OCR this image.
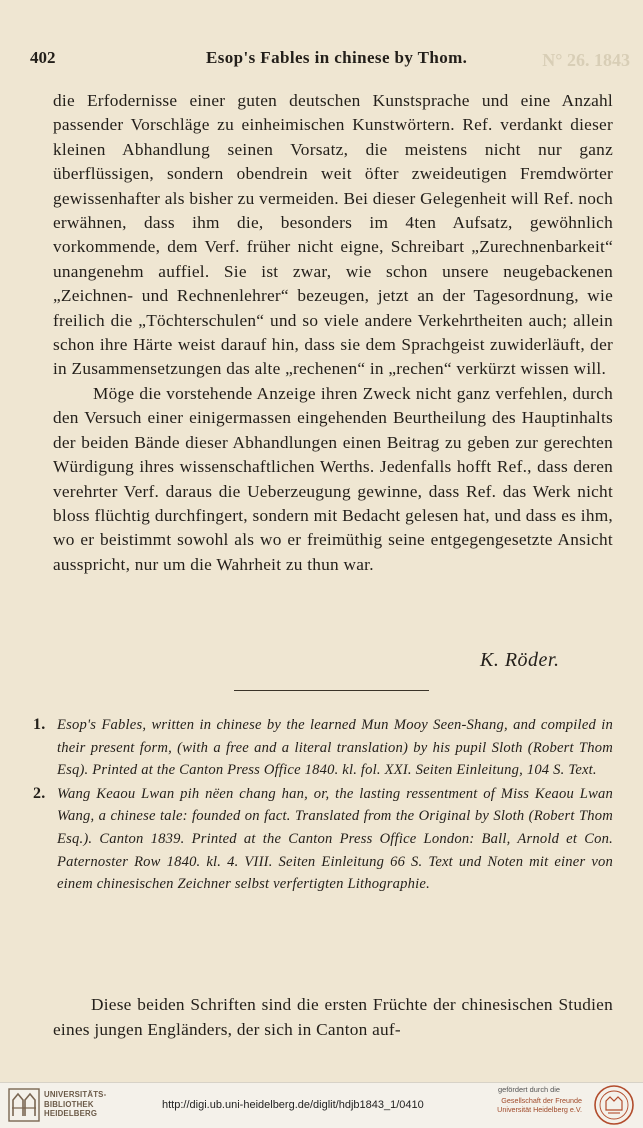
402	Esop's Fables in chinese by Thom.	N° 26. 1843

die Erfodernisse einer guten deutschen Kunstsprache und eine Anzahl passender Vorschläge zu einheimischen Kunstwörtern. Ref. verdankt dieser kleinen Abhandlung seinen Vorsatz, die meistens nicht nur ganz überflüssigen, sondern obendrein weit öfter zweideutigen Fremdwörter gewissenhafter als bisher zu vermeiden. Bei dieser Gelegenheit will Ref. noch erwähnen, dass ihm die, besonders im 4ten Aufsatz, gewöhnlich vorkommende, dem Verf. früher nicht eigne, Schreibart „Zurechnenbarkeit“ unangenehm auffiel. Sie ist zwar, wie schon unsere neugebackenen „Zeichnen- und Rechnenlehrer“ bezeugen, jetzt an der Tagesordnung, wie freilich die „Töchterschulen“ und so viele andere Verkehrtheiten auch; allein schon ihre Härte weist darauf hin, dass sie dem Sprachgeist zuwiderläuft, der in Zusammensetzungen das alte „rechenen“ in „rechen“ verkürzt wissen will.

Möge die vorstehende Anzeige ihren Zweck nicht ganz verfehlen, durch den Versuch einer einigermassen eingehenden Beurtheilung des Hauptinhalts der beiden Bände dieser Abhandlungen einen Beitrag zu geben zur gerechten Würdigung ihres wissenschaftlichen Werths. Jedenfalls hofft Ref., dass deren verehrter Verf. daraus die Ueberzeugung gewinne, dass Ref. das Werk nicht bloss flüchtig durchfingert, sondern mit Bedacht gelesen hat, und dass es ihm, wo er beistimmt sowohl als wo er freimüthig seine entgegengesetzte Ansicht ausspricht, nur um die Wahrheit zu thun war.

K. Röder.
1. Esop's Fables, written in chinese by the learned Mun Mooy Seen-Shang, and compiled in their present form, (with a free and a literal translation) by his pupil Sloth (Robert Thom Esq). Printed at the Canton Press Office 1840. kl. fol. XXI. Seiten Einleitung, 104 S. Text.
2. Wang Keaou Lwan pih nëen chang han, or, the lasting ressentment of Miss Keaou Lwan Wang, a chinese tale: founded on fact. Translated from the Original by Sloth (Robert Thom Esq.). Canton 1839. Printed at the Canton Press Office London: Ball, Arnold et Con. Paternoster Row 1840. kl. 4. VIII. Seiten Einleitung 66 S. Text und Noten mit einer von einem chinesischen Zeichner selbst verfertigten Lithographie.
Diese beiden Schriften sind die ersten Früchte der chinesischen Studien eines jungen Engländers, der sich in Canton auf-
UNIVERSITÄTS-
BIBLIOTHEK
HEIDELBERG
http://digi.ub.uni-heidelberg.de/diglit/hdjb1843_1/0410
gefördert durch die
Gesellschaft der Freunde
Universität Heidelberg e.V.
